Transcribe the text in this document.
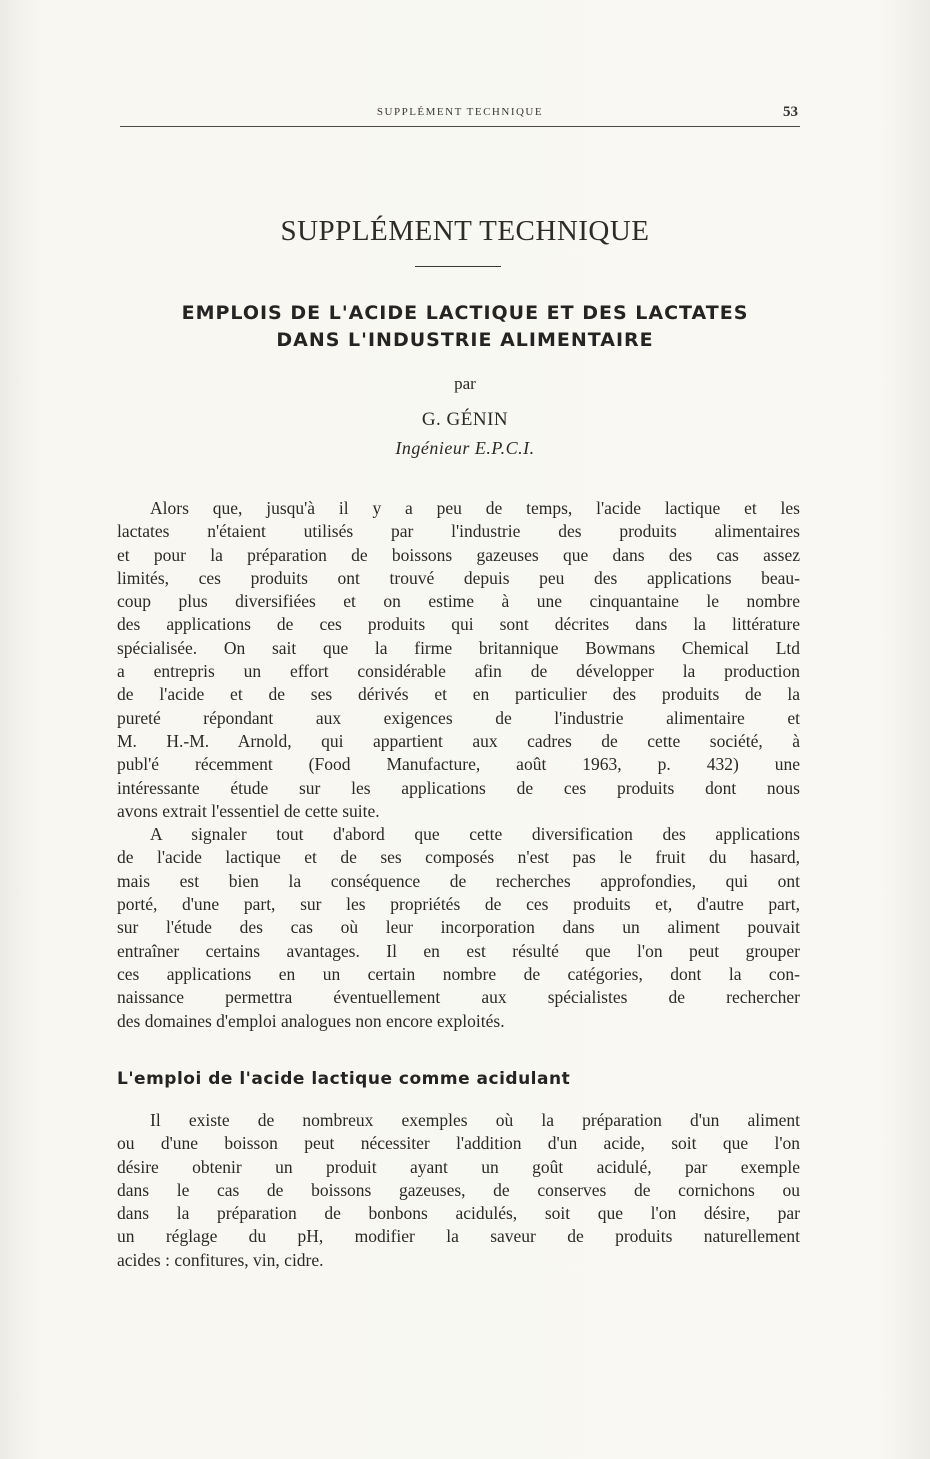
SUPPLÉMENT TECHNIQUE	53
SUPPLÉMENT TECHNIQUE
EMPLOIS DE L'ACIDE LACTIQUE ET DES LACTATES
DANS L'INDUSTRIE ALIMENTAIRE
par
G. GÉNIN
Ingénieur E.P.C.I.

Alors que, jusqu'à il y a peu de temps, l'acide lactique et les
lactates n'étaient utilisés par l'industrie des produits alimentaires
et pour la préparation de boissons gazeuses que dans des cas assez
limités, ces produits ont trouvé depuis peu des applications beau-
coup plus diversifiées et on estime à une cinquantaine le nombre
des applications de ces produits qui sont décrites dans la littérature
spécialisée. On sait que la firme britannique Bowmans Chemical Ltd
a entrepris un effort considérable afin de développer la production
de l'acide et de ses dérivés et en particulier des produits de la
pureté répondant aux exigences de l'industrie alimentaire et
M. H.-M. Arnold, qui appartient aux cadres de cette société, à
publ'é récemment (Food Manufacture, août 1963, p. 432) une
intéressante étude sur les applications de ces produits dont nous
avons extrait l'essentiel de cette suite.

A signaler tout d'abord que cette diversification des applications
de l'acide lactique et de ses composés n'est pas le fruit du hasard,
mais est bien la conséquence de recherches approfondies, qui ont
porté, d'une part, sur les propriétés de ces produits et, d'autre part,
sur l'étude des cas où leur incorporation dans un aliment pouvait
entraîner certains avantages. Il en est résulté que l'on peut grouper
ces applications en un certain nombre de catégories, dont la con-
naissance permettra éventuellement aux spécialistes de rechercher
des domaines d'emploi analogues non encore exploités.

L'emploi de l'acide lactique comme acidulant

Il existe de nombreux exemples où la préparation d'un aliment
ou d'une boisson peut nécessiter l'addition d'un acide, soit que l'on
désire obtenir un produit ayant un goût acidulé, par exemple
dans le cas de boissons gazeuses, de conserves de cornichons ou
dans la préparation de bonbons acidulés, soit que l'on désire, par
un réglage du pH, modifier la saveur de produits naturellement
acides : confitures, vin, cidre.
